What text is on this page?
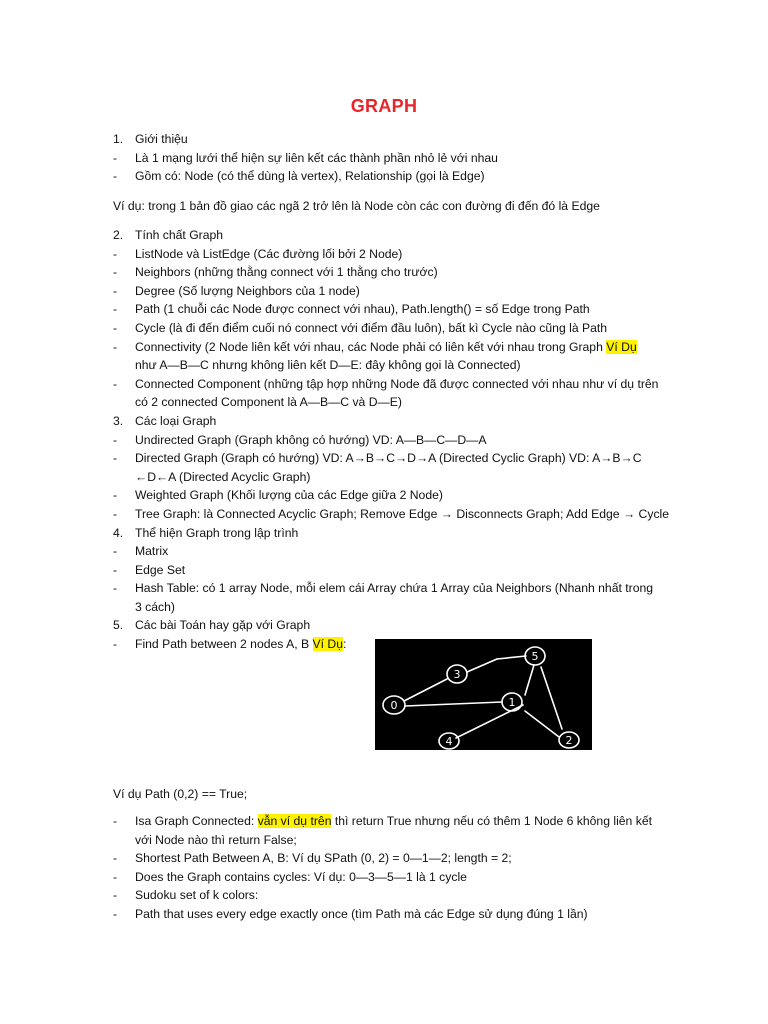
GRAPH
1. Giới thiệu
-	Là 1 mạng lưới thể hiện sự liên kết các thành phần nhỏ lẻ với nhau
-	Gồm có: Node (có thể dùng là vertex), Relationship (gọi là Edge)
Ví dụ: trong 1 bản đồ giao các ngã 2 trở lên là Node còn các con đường đi đến đó là Edge
2. Tính chất Graph
-	ListNode và ListEdge (Các đường lối bởi 2 Node)
-	Neighbors (những thằng connect với 1 thằng cho trước)
-	Degree (Số lượng Neighbors của 1 node)
-	Path (1 chuỗi các Node được connect với nhau), Path.length() = số Edge trong Path
-	Cycle (là đi đến điểm cuối nó connect với điểm đầu luôn), bất kì Cycle nào cũng là Path
-	Connectivity (2 Node liên kết với nhau, các Node phải có liên kết với nhau trong Graph Ví Dụ
như A—B—C nhưng không liên kết D—E: đây không gọi là Connected)
-	Connected Component (những tập hợp những Node đã được connected với nhau như ví dụ trên
có 2 connected Component là A—B—C và D—E)
3. Các loại Graph
-	Undirected Graph (Graph không có hướng) VD: A—B—C—D—A
-	Directed Graph (Graph có hướng) VD: A→B→C→D→A (Directed Cyclic Graph) VD: A→B→C
←D←A (Directed Acyclic Graph)
-	Weighted Graph (Khối lượng của các Edge giữa 2 Node)
-	Tree Graph: là Connected Acyclic Graph; Remove Edge → Disconnects Graph; Add Edge → Cycle
4. Thể hiện Graph trong lập trình
-	Matrix
-	Edge Set
-	Hash Table: có 1 array Node, mỗi elem cái Array chứa 1 Array của Neighbors (Nhanh nhất trong
3 cách)
5. Các bài Toán hay gặp với Graph
-	Find Path between 2 nodes A, B Ví Dụ:
0
3
5
1
4	2
Ví dụ Path (0,2) == True;
-	Isa Graph Connected: vẫn ví dụ trên thì return True nhưng nếu có thêm 1 Node 6 không liên kết
với Node nào thì return False;
-	Shortest Path Between A, B: Ví dụ SPath (0, 2) = 0—1—2; length = 2;
-	Does the Graph contains cycles: Ví dụ: 0—3—5—1 là 1 cycle
-	Sudoku set of k colors:
-	Path that uses every edge exactly once (tìm Path mà các Edge sử dụng đúng 1 lần)
